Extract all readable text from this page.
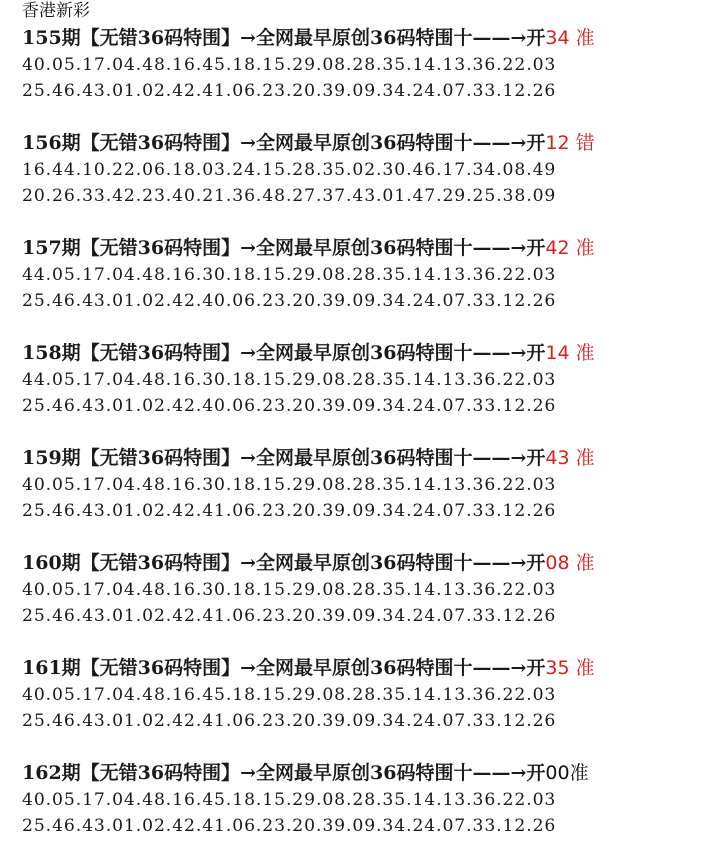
香港新彩
155期【无错36码特围】→全网最早原创36码特围十——→开34 准
40.05.17.04.48.16.45.18.15.29.08.28.35.14.13.36.22.03
25.46.43.01.02.42.41.06.23.20.39.09.34.24.07.33.12.26
156期【无错36码特围】→全网最早原创36码特围十——→开12 错
16.44.10.22.06.18.03.24.15.28.35.02.30.46.17.34.08.49
20.26.33.42.23.40.21.36.48.27.37.43.01.47.29.25.38.09
157期【无错36码特围】→全网最早原创36码特围十——→开42 准
44.05.17.04.48.16.30.18.15.29.08.28.35.14.13.36.22.03
25.46.43.01.02.42.40.06.23.20.39.09.34.24.07.33.12.26
158期【无错36码特围】→全网最早原创36码特围十——→开14 准
44.05.17.04.48.16.30.18.15.29.08.28.35.14.13.36.22.03
25.46.43.01.02.42.40.06.23.20.39.09.34.24.07.33.12.26
159期【无错36码特围】→全网最早原创36码特围十——→开43 准
40.05.17.04.48.16.30.18.15.29.08.28.35.14.13.36.22.03
25.46.43.01.02.42.41.06.23.20.39.09.34.24.07.33.12.26
160期【无错36码特围】→全网最早原创36码特围十——→开08 准
40.05.17.04.48.16.30.18.15.29.08.28.35.14.13.36.22.03
25.46.43.01.02.42.41.06.23.20.39.09.34.24.07.33.12.26
161期【无错36码特围】→全网最早原创36码特围十——→开35 准
40.05.17.04.48.16.45.18.15.29.08.28.35.14.13.36.22.03
25.46.43.01.02.42.41.06.23.20.39.09.34.24.07.33.12.26
162期【无错36码特围】→全网最早原创36码特围十——→开00准
40.05.17.04.48.16.45.18.15.29.08.28.35.14.13.36.22.03
25.46.43.01.02.42.41.06.23.20.39.09.34.24.07.33.12.26
